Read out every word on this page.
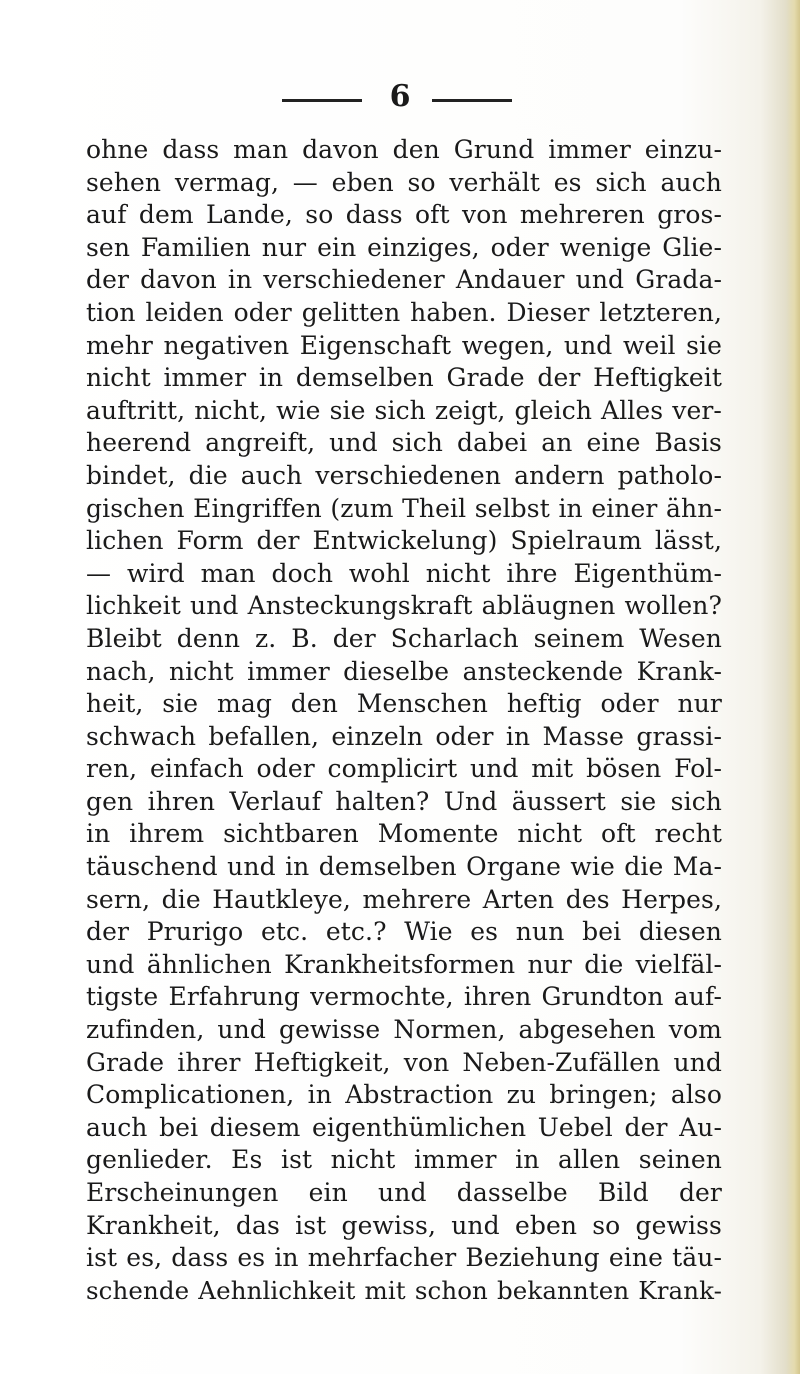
6
ohne dass man davon den Grund immer einzu-
sehen vermag, — eben so verhält es sich auch
auf dem Lande, so dass oft von mehreren gros-
sen Familien nur ein einziges, oder wenige Glie-
der davon in verschiedener Andauer und Grada-
tion leiden oder gelitten haben. Dieser letzteren,
mehr negativen Eigenschaft wegen, und weil sie
nicht immer in demselben Grade der Heftigkeit
auftritt, nicht, wie sie sich zeigt, gleich Alles ver-
heerend angreift, und sich dabei an eine Basis
bindet, die auch verschiedenen andern patholo-
gischen Eingriffen (zum Theil selbst in einer ähn-
lichen Form der Entwickelung) Spielraum lässt,
— wird man doch wohl nicht ihre Eigenthüm-
lichkeit und Ansteckungskraft abläugnen wollen?
Bleibt denn z. B. der Scharlach seinem Wesen
nach, nicht immer dieselbe ansteckende Krank-
heit, sie mag den Menschen heftig oder nur
schwach befallen, einzeln oder in Masse grassi-
ren, einfach oder complicirt und mit bösen Fol-
gen ihren Verlauf halten? Und äussert sie sich
in ihrem sichtbaren Momente nicht oft recht
täuschend und in demselben Organe wie die Ma-
sern, die Hautkleye, mehrere Arten des Herpes,
der Prurigo etc. etc.? Wie es nun bei diesen
und ähnlichen Krankheitsformen nur die vielfäl-
tigste Erfahrung vermochte, ihren Grundton auf-
zufinden, und gewisse Normen, abgesehen vom
Grade ihrer Heftigkeit, von Neben-Zufällen und
Complicationen, in Abstraction zu bringen; also
auch bei diesem eigenthümlichen Uebel der Au-
genlieder. Es ist nicht immer in allen seinen
Erscheinungen ein und dasselbe Bild der
Krankheit, das ist gewiss, und eben so gewiss
ist es, dass es in mehrfacher Beziehung eine täu-
schende Aehnlichkeit mit schon bekannten Krank-
